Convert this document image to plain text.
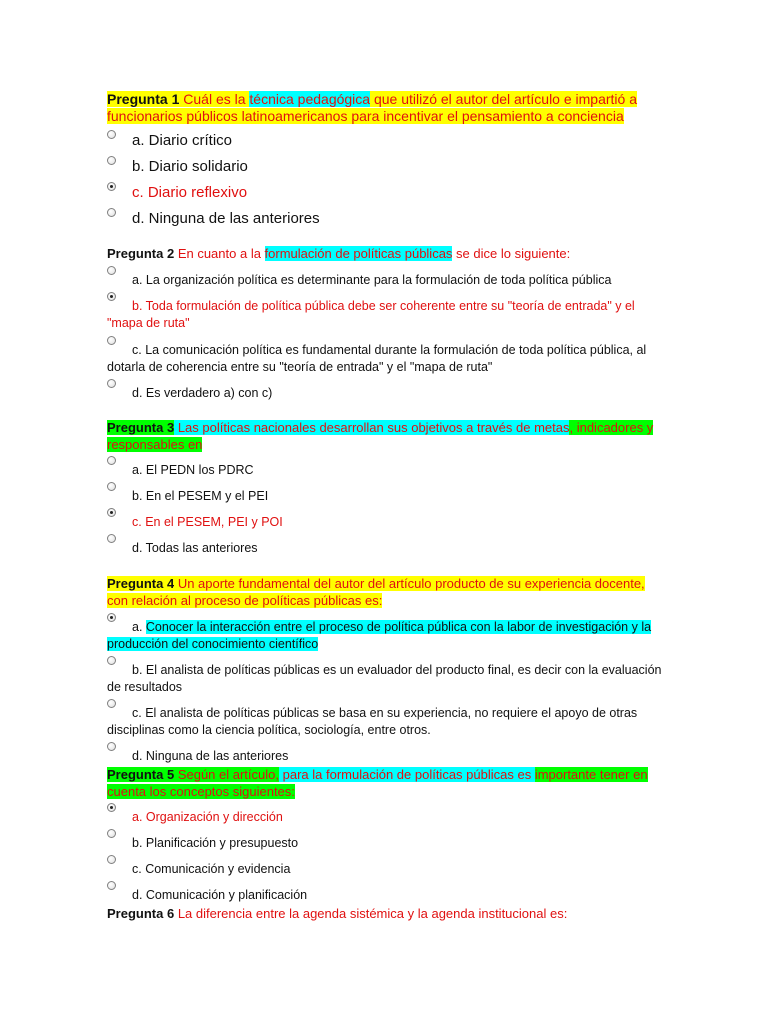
Pregunta 1 Cuál es la técnica pedagógica que utilizó el autor del artículo e impartió a funcionarios públicos latinoamericanos para incentivar el pensamiento a conciencia
a. Diario crítico
b. Diario solidario
c. Diario reflexivo
d. Ninguna de las anteriores
Pregunta 2 En cuanto a la formulación de políticas públicas se dice lo siguiente:
a. La organización política es determinante para la formulación de toda política pública
b. Toda formulación de política pública debe ser coherente entre su "teoría de entrada" y el "mapa de ruta"
c. La comunicación política es fundamental durante la formulación de toda política pública, al dotarla de coherencia entre su "teoría de entrada" y el "mapa de ruta"
d. Es verdadero a) con c)
Pregunta 3 Las políticas nacionales desarrollan sus objetivos a través de metas, indicadores y responsables en
a. El PEDN los PDRC
b. En el PESEM y el PEI
c. En el PESEM, PEI y POI
d. Todas las anteriores
Pregunta 4 Un aporte fundamental del autor del artículo producto de su experiencia docente, con relación al proceso de políticas públicas es:
a. Conocer la interacción entre el proceso de política pública con la labor de investigación y la producción del conocimiento científico
b. El analista de políticas públicas es un evaluador del producto final, es decir con la evaluación de resultados
c. El analista de políticas públicas se basa en su experiencia, no requiere el apoyo de otras disciplinas como la ciencia política, sociología, entre otros.
d. Ninguna de las anteriores
Pregunta 5 Según el artículo, para la formulación de políticas públicas es importante tener en cuenta los conceptos siguientes:
a. Organización y dirección
b. Planificación y presupuesto
c. Comunicación y evidencia
d. Comunicación y planificación
Pregunta 6 La diferencia entre la agenda sistémica y la agenda institucional es:
